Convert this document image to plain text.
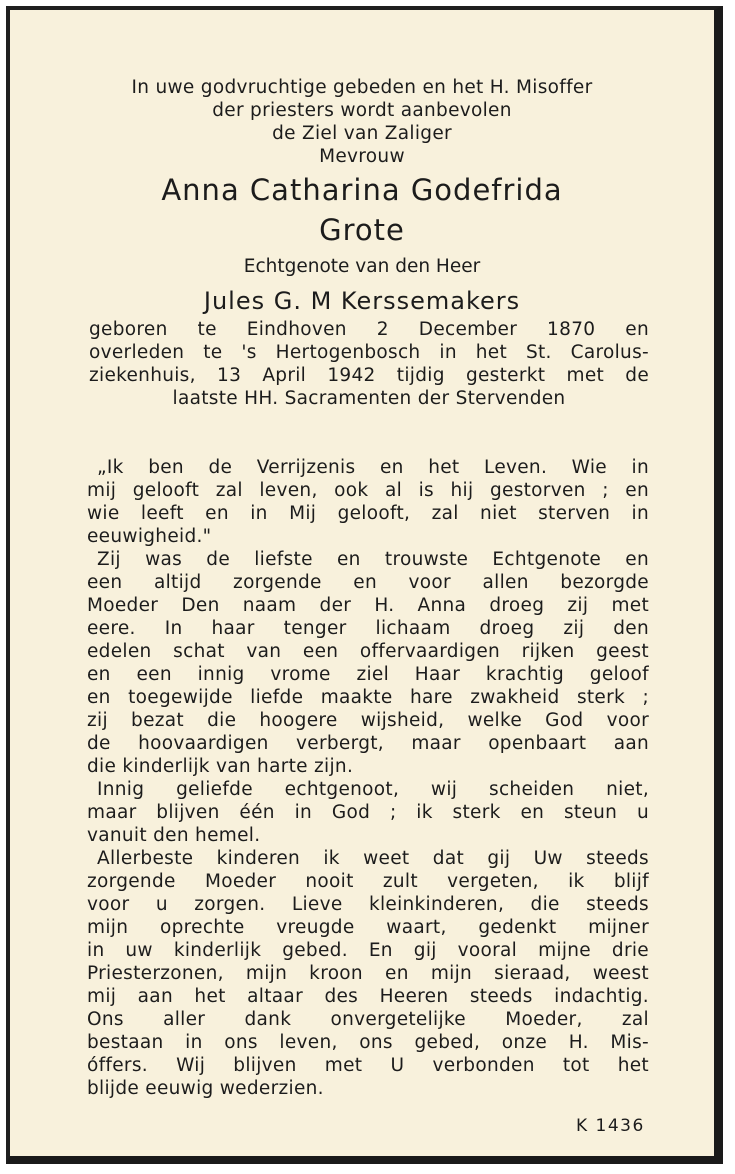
In uwe godvruchtige gebeden en het H. Misoffer
der priesters wordt aanbevolen
de Ziel van Zaliger
Mevrouw
Anna Catharina Godefrida
Grote
Echtgenote van den Heer
Jules G. M Kerssemakers
geboren te Eindhoven 2 December 1870 en
overleden te 's Hertogenbosch in het St. Carolus-
ziekenhuis, 13 April 1942 tijdig gesterkt met de
laatste HH. Sacramenten der Stervenden
„Ik ben de Verrijzenis en het Leven. Wie in
mij gelooft zal leven, ook al is hij gestorven ; en
wie leeft en in Mij gelooft, zal niet sterven in
eeuwigheid."
Zij was de liefste en trouwste Echtgenote en
een altijd zorgende en voor allen bezorgde
Moeder Den naam der H. Anna droeg zij met
eere. In haar tenger lichaam droeg zij den
edelen schat van een offervaardigen rijken geest
en een innig vrome ziel Haar krachtig geloof
en toegewijde liefde maakte hare zwakheid sterk ;
zij bezat die hoogere wijsheid, welke God voor
de hoovaardigen verbergt, maar openbaart aan
die kinderlijk van harte zijn.
Innig geliefde echtgenoot, wij scheiden niet,
maar blijven één in God ; ik sterk en steun u
vanuit den hemel.
Allerbeste kinderen ik weet dat gij Uw steeds
zorgende Moeder nooit zult vergeten, ik blijf
voor u zorgen. Lieve kleinkinderen, die steeds
mijn oprechte vreugde waart, gedenkt mijner
in uw kinderlijk gebed. En gij vooral mijne drie
Priesterzonen, mijn kroon en mijn sieraad, weest
mij aan het altaar des Heeren steeds indachtig.
Ons aller dank onvergetelijke Moeder, zal
bestaan in ons leven, ons gebed, onze H. Mis-
óffers. Wij blijven met U verbonden tot het
blijde eeuwig wederzien.
K 1436
